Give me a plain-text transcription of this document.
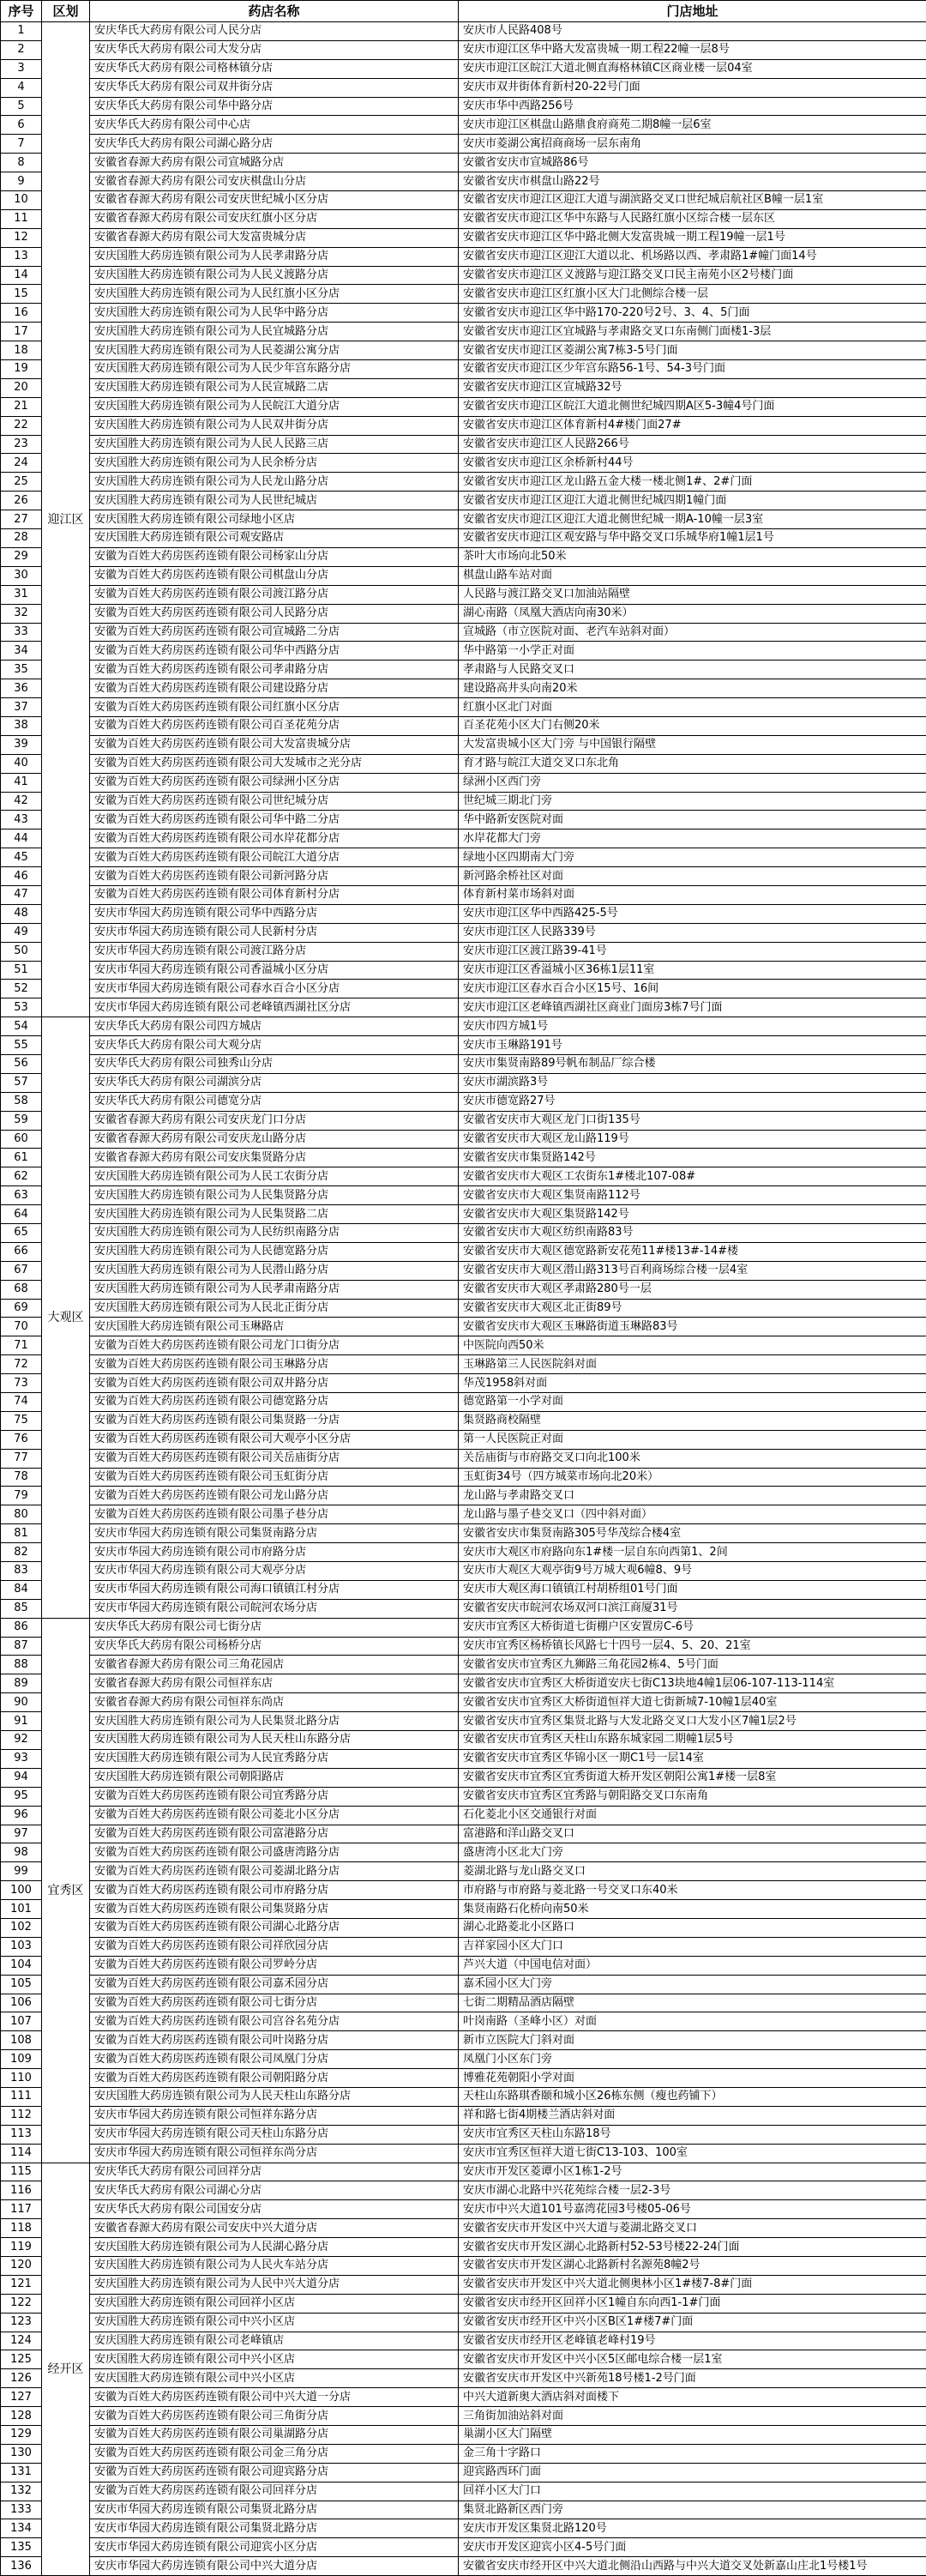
序号	区划	药店名称	门店地址
1	迎江区	安庆华氏大药房有限公司人民分店	安庆市人民路408号
2		安庆华氏大药房有限公司大发分店	安庆市迎江区华中路大发富贵城一期工程22幢一层8号
3		安庆华氏大药房有限公司格林镇分店	安庆市迎江区皖江大道北侧直海格林镇C区商业楼一层04室
4		安庆华氏大药房有限公司双井街分店	安庆市双井街体育新村20-22号门面
5		安庆华氏大药房有限公司华中路分店	安庆市华中西路256号
6		安庆华氏大药房有限公司中心店	安庆市迎江区棋盘山路鼎食府商苑二期8幢一层6室
7		安庆华氏大药房有限公司湖心路分店	安庆市菱湖公寓招商商场一层东南角
8		安徽省春源大药房有限公司宣城路分店	安徽省安庆市宣城路86号
9		安徽省春源大药房有限公司安庆棋盘山分店	安徽省安庆市棋盘山路22号
10		安徽省春源大药房有限公司安庆世纪城小区分店	安徽省安庆市迎江区迎江大道与湖滨路交叉口世纪城启航社区B幢一层1室
11		安徽省春源大药房有限公司安庆红旗小区分店	安徽省安庆市迎江区华中东路与人民路红旗小区综合楼一层东区
12		安徽省春源大药房有限公司大发富贵城分店	安徽省安庆市迎江区华中路北侧大发富贵城一期工程19幢一层1号
13		安庆国胜大药房连锁有限公司为人民孝肃路分店	安徽省安庆市迎江区迎江大道以北、机场路以西、孝肃路1#幢门面14号
14		安庆国胜大药房连锁有限公司为人民义渡路分店	安徽省安庆市迎江区义渡路与迎江路交叉口民主南苑小区2号楼门面
15		安庆国胜大药房连锁有限公司为人民红旗小区分店	安徽省安庆市迎江区红旗小区大门北侧综合楼一层
16		安庆国胜大药房连锁有限公司为人民华中路分店	安徽省安庆市迎江区华中路170-220号2号、3、4、5门面
17		安庆国胜大药房连锁有限公司为人民宜城路分店	安徽省安庆市迎江区宜城路与孝肃路交叉口东南侧门面楼1-3层
18		安庆国胜大药房连锁有限公司为人民菱湖公寓分店	安徽省安庆市迎江区菱湖公寓7栋3-5号门面
19		安庆国胜大药房连锁有限公司为人民少年宫东路分店	安徽省安庆市迎江区少年宫东路56-1号、54-3号门面
20		安庆国胜大药房连锁有限公司为人民宣城路二店	安徽省安庆市迎江区宣城路32号
21		安庆国胜大药房连锁有限公司为人民皖江大道分店	安徽省安庆市迎江区皖江大道北侧世纪城四期A区5-3幢4号门面
22		安庆国胜大药房连锁有限公司为人民双井街分店	安徽省安庆市迎江区体育新村4#楼门面27#
23		安庆国胜大药房连锁有限公司为人民人民路三店	安徽省安庆市迎江区人民路266号
24		安庆国胜大药房连锁有限公司为人民余桥分店	安徽省安庆市迎江区余桥新村44号
25		安庆国胜大药房连锁有限公司为人民龙山路分店	安徽省安庆市迎江区龙山路五金大楼一楼北侧1#、2#门面
26		安庆国胜大药房连锁有限公司为人民世纪城店	安徽省安庆市迎江区迎江大道北侧世纪城四期1幢门面
27		安庆国胜大药房连锁有限公司绿地小区店	安徽省安庆市迎江区迎江大道北侧世纪城一期A-10幢一层3室
28		安庆国胜大药房连锁有限公司观安路店	安徽省安庆市迎江区观安路与华中路交叉口乐城华府1幢1层1号
29		安徽为百姓大药房医药连锁有限公司杨家山分店	茶叶大市场向北50米
30		安徽为百姓大药房医药连锁有限公司棋盘山分店	棋盘山路车站对面
31		安徽为百姓大药房医药连锁有限公司渡江路分店	人民路与渡江路交叉口加油站隔壁
32		安徽为百姓大药房医药连锁有限公司人民路分店	湖心南路（凤凰大酒店向南30米）
33		安徽为百姓大药房医药连锁有限公司宣城路二分店	宣城路（市立医院对面、老汽车站斜对面）
34		安徽为百姓大药房医药连锁有限公司华中西路分店	华中路第一小学正对面
35		安徽为百姓大药房医药连锁有限公司孝肃路分店	孝肃路与人民路交叉口
36		安徽为百姓大药房医药连锁有限公司建设路分店	建设路高井头向南20米
37		安徽为百姓大药房医药连锁有限公司红旗小区分店	红旗小区北门对面
38		安徽为百姓大药房医药连锁有限公司百圣花苑分店	百圣花苑小区大门右侧20米
39		安徽为百姓大药房医药连锁有限公司大发富贵城分店	大发富贵城小区大门旁 与中国银行隔壁
40		安徽为百姓大药房医药连锁有限公司大发城市之光分店	育才路与皖江大道交叉口东北角
41		安徽为百姓大药房医药连锁有限公司绿洲小区分店	绿洲小区西门旁
42		安徽为百姓大药房医药连锁有限公司世纪城分店	世纪城三期北门旁
43		安徽为百姓大药房医药连锁有限公司华中路二分店	华中路新安医院对面
44		安徽为百姓大药房医药连锁有限公司水岸花都分店	水岸花都大门旁
45		安徽为百姓大药房医药连锁有限公司皖江大道分店	绿地小区四期南大门旁
46		安徽为百姓大药房医药连锁有限公司新河路分店	新河路余桥社区对面
47		安徽为百姓大药房医药连锁有限公司体育新村分店	体育新村菜市场斜对面
48		安庆市华园大药房连锁有限公司华中西路分店	安庆市迎江区华中西路425-5号
49		安庆市华园大药房连锁有限公司人民新村分店	安庆市迎江区人民路339号
50		安庆市华园大药房连锁有限公司渡江路分店	安庆市迎江区渡江路39-41号
51		安庆市华园大药房连锁有限公司香溢城小区分店	安庆市迎江区香溢城小区36栋1层11室
52		安庆市华园大药房连锁有限公司春水百合小区分店	安庆市迎江区春水百合小区15号、16间
53		安庆市华园大药房连锁有限公司老峰镇西湖社区分店	安庆市迎江区老峰镇西湖社区商业门面房3栋7号门面
54	大观区	安庆华氏大药房有限公司四方城店	安庆市四方城1号
55		安庆华氏大药房有限公司大观分店	安庆市玉琳路191号
56		安庆华氏大药房有限公司独秀山分店	安庆市集贤南路89号帆布制品厂综合楼
57		安庆华氏大药房有限公司湖滨分店	安庆市湖滨路3号
58		安庆华氏大药房有限公司德宽分店	安庆市德宽路27号
59		安徽省春源大药房有限公司安庆龙门口分店	安徽省安庆市大观区龙门口街135号
60		安徽省春源大药房有限公司安庆龙山路分店	安徽省安庆市大观区龙山路119号
61		安徽省春源大药房有限公司安庆集贤路分店	安徽省安庆市集贤路142号
62		安庆国胜大药房连锁有限公司为人民工农街分店	安徽省安庆市大观区工农街东1#楼北107-08#
63		安庆国胜大药房连锁有限公司为人民集贤路分店	安徽省安庆市大观区集贤南路112号
64		安庆国胜大药房连锁有限公司为人民集贤路二店	安徽省安庆市大观区集贤路142号
65		安庆国胜大药房连锁有限公司为人民纺织南路分店	安徽省安庆市大观区纺织南路83号
66		安庆国胜大药房连锁有限公司为人民德宽路分店	安徽省安庆市大观区德宽路新安花苑11#楼13#-14#楼
67		安庆国胜大药房连锁有限公司为人民潜山路分店	安徽省安庆市大观区潜山路313号百利商场综合楼一层4室
68		安庆国胜大药房连锁有限公司为人民孝肃南路分店	安徽省安庆市大观区孝肃路280号一层
69		安庆国胜大药房连锁有限公司为人民北正街分店	安徽省安庆市大观区北正街89号
70		安庆国胜大药房连锁有限公司玉琳路店	安徽省安庆市大观区玉琳路街道玉琳路83号
71		安徽为百姓大药房医药连锁有限公司龙门口街分店	中医院向西50米
72		安徽为百姓大药房医药连锁有限公司玉琳路分店	玉琳路第三人民医院斜对面
73		安徽为百姓大药房医药连锁有限公司双井路分店	华茂1958斜对面
74		安徽为百姓大药房医药连锁有限公司德宽路分店	德宽路第一小学对面
75		安徽为百姓大药房医药连锁有限公司集贤路一分店	集贤路商校隔壁
76		安徽为百姓大药房医药连锁有限公司大观亭小区分店	第一人民医院正对面
77		安徽为百姓大药房医药连锁有限公司关岳庙街分店	关岳庙街与市府路交叉口向北100米
78		安徽为百姓大药房医药连锁有限公司玉虹街分店	玉虹街34号（四方城菜市场向北20米）
79		安徽为百姓大药房医药连锁有限公司龙山路分店	龙山路与孝肃路交叉口
80		安徽为百姓大药房医药连锁有限公司墨子巷分店	龙山路与墨子巷交叉口（四中斜对面）
81		安庆市华园大药房连锁有限公司集贤南路分店	安徽省安庆市集贤南路305号华茂综合楼4室
82		安庆市华园大药房连锁有限公司市府路分店	安庆市大观区市府路向东1#楼一层自东向西第1、2间
83		安庆市华园大药房连锁有限公司大观亭分店	安庆市大观区大观亭街9号万城大观6幢8、9号
84		安庆市华园大药房连锁有限公司海口镇镇江村分店	安庆市大观区海口镇镇江村胡桥组01号门面
85		安庆市华园大药房连锁有限公司皖河农场分店	安徽省安庆市皖河农场双河口滨江商厦31号
86	宜秀区	安庆华氏大药房有限公司七街分店	安庆市宜秀区大桥街道七街棚户区安置房C-6号
87		安庆华氏大药房有限公司杨桥分店	安庆市宜秀区杨桥镇长风路七十四号一层4、5、20、21室
88		安徽省春源大药房有限公司三角花园店	安徽省安庆市宜秀区九狮路三角花园2栋4、5号门面
89		安徽省春源大药房有限公司恒祥东店	安徽省安庆市宜秀区大桥街道安庆七街C13块地4幢1层06-107-113-114室
90		安徽省春源大药房有限公司恒祥东尚店	安徽省安庆市宜秀区大桥街道恒祥大道七街新城7-10幢1层40室
91		安庆国胜大药房连锁有限公司为人民集贤北路分店	安徽省安庆市宜秀区集贤北路与大发北路交叉口大发小区7幢1层2号
92		安庆国胜大药房连锁有限公司为人民天柱山东路分店	安徽省安庆市宜秀区天柱山东路东城家园二期幢1层5号
93		安庆国胜大药房连锁有限公司为人民宜秀路分店	安徽省安庆市宜秀区华锦小区一期C1号一层14室
94		安庆国胜大药房连锁有限公司朝阳路店	安徽省安庆市宜秀区宜秀街道大桥开发区朝阳公寓1#楼一层8室
95		安徽为百姓大药房医药连锁有限公司宜秀路分店	安徽省安庆市宜秀区宜秀路与朝阳路交叉口东南角
96		安徽为百姓大药房医药连锁有限公司菱北小区分店	石化菱北小区交通银行对面
97		安徽为百姓大药房医药连锁有限公司富港路分店	富港路和洋山路交叉口
98		安徽为百姓大药房医药连锁有限公司盛唐湾路分店	盛唐湾小区北大门旁
99		安徽为百姓大药房医药连锁有限公司菱湖北路分店	菱湖北路与龙山路交叉口
100		安徽为百姓大药房医药连锁有限公司市府路分店	市府路与市府路与菱北路一号交叉口东40米
101		安徽为百姓大药房医药连锁有限公司集贤路分店	集贤南路石化桥向南50米
102		安徽为百姓大药房医药连锁有限公司湖心北路分店	湖心北路菱北小区路口
103		安徽为百姓大药房医药连锁有限公司祥欣园分店	吉祥家园小区大门口
104		安徽为百姓大药房医药连锁有限公司罗岭分店	芦兴大道（中国电信对面）
105		安徽为百姓大药房医药连锁有限公司嘉禾园分店	嘉禾园小区大门旁
106		安徽为百姓大药房医药连锁有限公司七街分店	七街二期精品酒店隔壁
107		安徽为百姓大药房医药连锁有限公司宫谷名苑分店	叶岗南路（圣峰小区）对面
108		安徽为百姓大药房医药连锁有限公司叶岗路分店	新市立医院大门斜对面
109		安徽为百姓大药房医药连锁有限公司凤凰门分店	凤凰门小区东门旁
110		安徽为百姓大药房医药连锁有限公司朝阳路分店	博雅花苑朝阳小学对面
111		安庆国胜大药房连锁有限公司为人民天柱山东路分店	天柱山东路琪香颐和城小区26栋东侧（瘦也药铺下）
112		安庆市华园大药房连锁有限公司恒祥东路分店	祥和路七街4期楼兰酒店斜对面
113		安庆市华园大药房连锁有限公司天柱山东路分店	安庆市宜秀区天柱山东路18号
114		安庆市华园大药房连锁有限公司恒祥东尚分店	安庆市宜秀区恒祥大道七街C13-103、100室
115	经开区	安庆华氏大药房有限公司回祥分店	安庆市开发区菱谭小区1栋1-2号
116		安庆华氏大药房有限公司湖心分店	安庆市湖心北路中兴花苑综合楼一层2-3号
117		安庆华氏大药房有限公司国安分店	安庆市中兴大道101号嘉湾花园3号楼05-06号
118		安徽省春源大药房有限公司安庆中兴大道分店	安徽省安庆市开发区中兴大道与菱湖北路交叉口
119		安庆国胜大药房连锁有限公司为人民湖心路分店	安徽省安庆市开发区湖心北路新村52-53号楼22-24门面
120		安庆国胜大药房连锁有限公司为人民火车站分店	安徽省安庆市开发区湖心北路新村名源苑8幢2号
121		安庆国胜大药房连锁有限公司为人民中兴大道分店	安徽省安庆市开发区中兴大道北侧奥林小区1#楼7-8#门面
122		安庆国胜大药房连锁有限公司回祥小区店	安徽省安庆市经开区回祥小区1幢自东向西1-1#门面
123		安庆国胜大药房连锁有限公司中兴小区店	安徽省安庆市经开区中兴小区B区1#楼7#门面
124		安庆国胜大药房连锁有限公司老峰镇店	安徽省安庆市经开区老峰镇老峰村19号
125		安庆国胜大药房连锁有限公司中兴小区店	安徽省安庆市开发区中兴小区5区邮电综合楼一层1室
126		安庆国胜大药房连锁有限公司中兴小区店	安徽省安庆市开发区中兴新苑18号楼1-2号门面
127		安徽为百姓大药房医药连锁有限公司中兴大道一分店	中兴大道新奥大酒店斜对面楼下
128		安徽为百姓大药房医药连锁有限公司三角街分店	三角街加油站斜对面
129		安徽为百姓大药房医药连锁有限公司巢湖路分店	巢湖小区大门隔壁
130		安徽为百姓大药房医药连锁有限公司金三角分店	金三角十字路口
131		安徽为百姓大药房医药连锁有限公司迎宾路分店	迎宾路西环门面
132		安徽为百姓大药房医药连锁有限公司回祥分店	回祥小区大门口
133		安庆市华园大药房连锁有限公司集贤北路分店	集贤北路新区西门旁
134		安庆市华园大药房连锁有限公司集贤北路分店	安庆市开发区集贤北路120号
135		安庆市华园大药房连锁有限公司迎宾小区分店	安庆市开发区迎宾小区4-5号门面
136		安庆市华园大药房连锁有限公司中兴大道分店	安徽省安庆市经开区中兴大道北侧沿山西路与中兴大道交叉处新嘉山庄北1号楼1号
